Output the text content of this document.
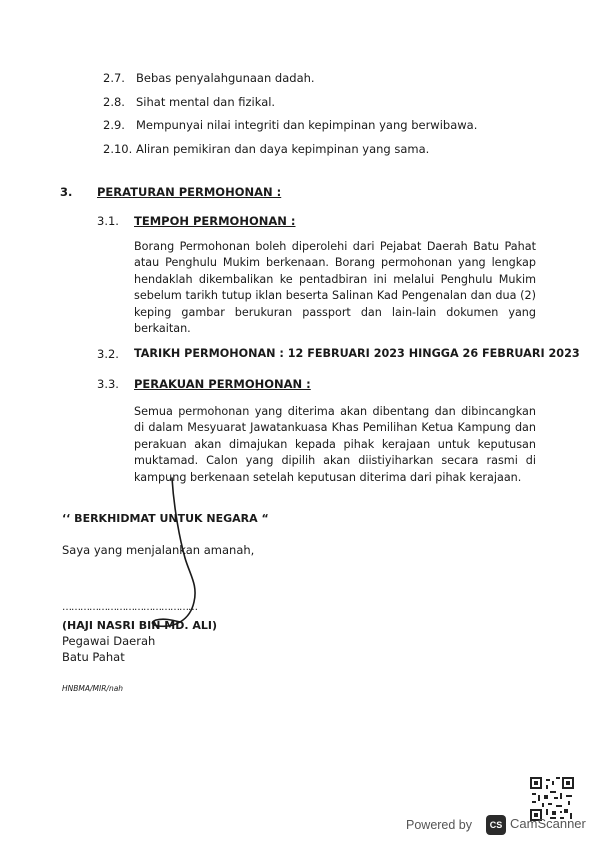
2.7. Bebas penyalahgunaan dadah.
2.8. Sihat mental dan fizikal.
2.9. Mempunyai nilai integriti dan kepimpinan yang berwibawa.
2.10. Aliran pemikiran dan daya kepimpinan yang sama.
3. PERATURAN PERMOHONAN :
3.1. TEMPOH PERMOHONAN :
Borang Permohonan boleh diperolehi dari Pejabat Daerah Batu Pahat atau Penghulu Mukim berkenaan. Borang permohonan yang lengkap hendaklah dikembalikan ke pentadbiran ini melalui Penghulu Mukim sebelum tarikh tutup iklan beserta Salinan Kad Pengenalan dan dua (2) keping gambar berukuran passport dan lain-lain dokumen yang berkaitan.
3.2. TARIKH PERMOHONAN : 12 FEBRUARI 2023 HINGGA 26 FEBRUARI 2023
3.3. PERAKUAN PERMOHONAN :
Semua permohonan yang diterima akan dibentang dan dibincangkan di dalam Mesyuarat Jawatankuasa Khas Pemilihan Ketua Kampung dan perakuan akan dimajukan kepada pihak kerajaan untuk keputusan muktamad. Calon yang dipilih akan diistiyiharkan secara rasmi di kampung berkenaan setelah keputusan diterima dari pihak kerajaan.
‘‘ BERKHIDMAT UNTUK NEGARA “
Saya yang menjalankan amanah,
………………………………………
(HAJI NASRI BIN MD. ALI)
Pegawai Daerah
Batu Pahat
HNBMA/MIR/nah
Powered by	CS CamScanner
